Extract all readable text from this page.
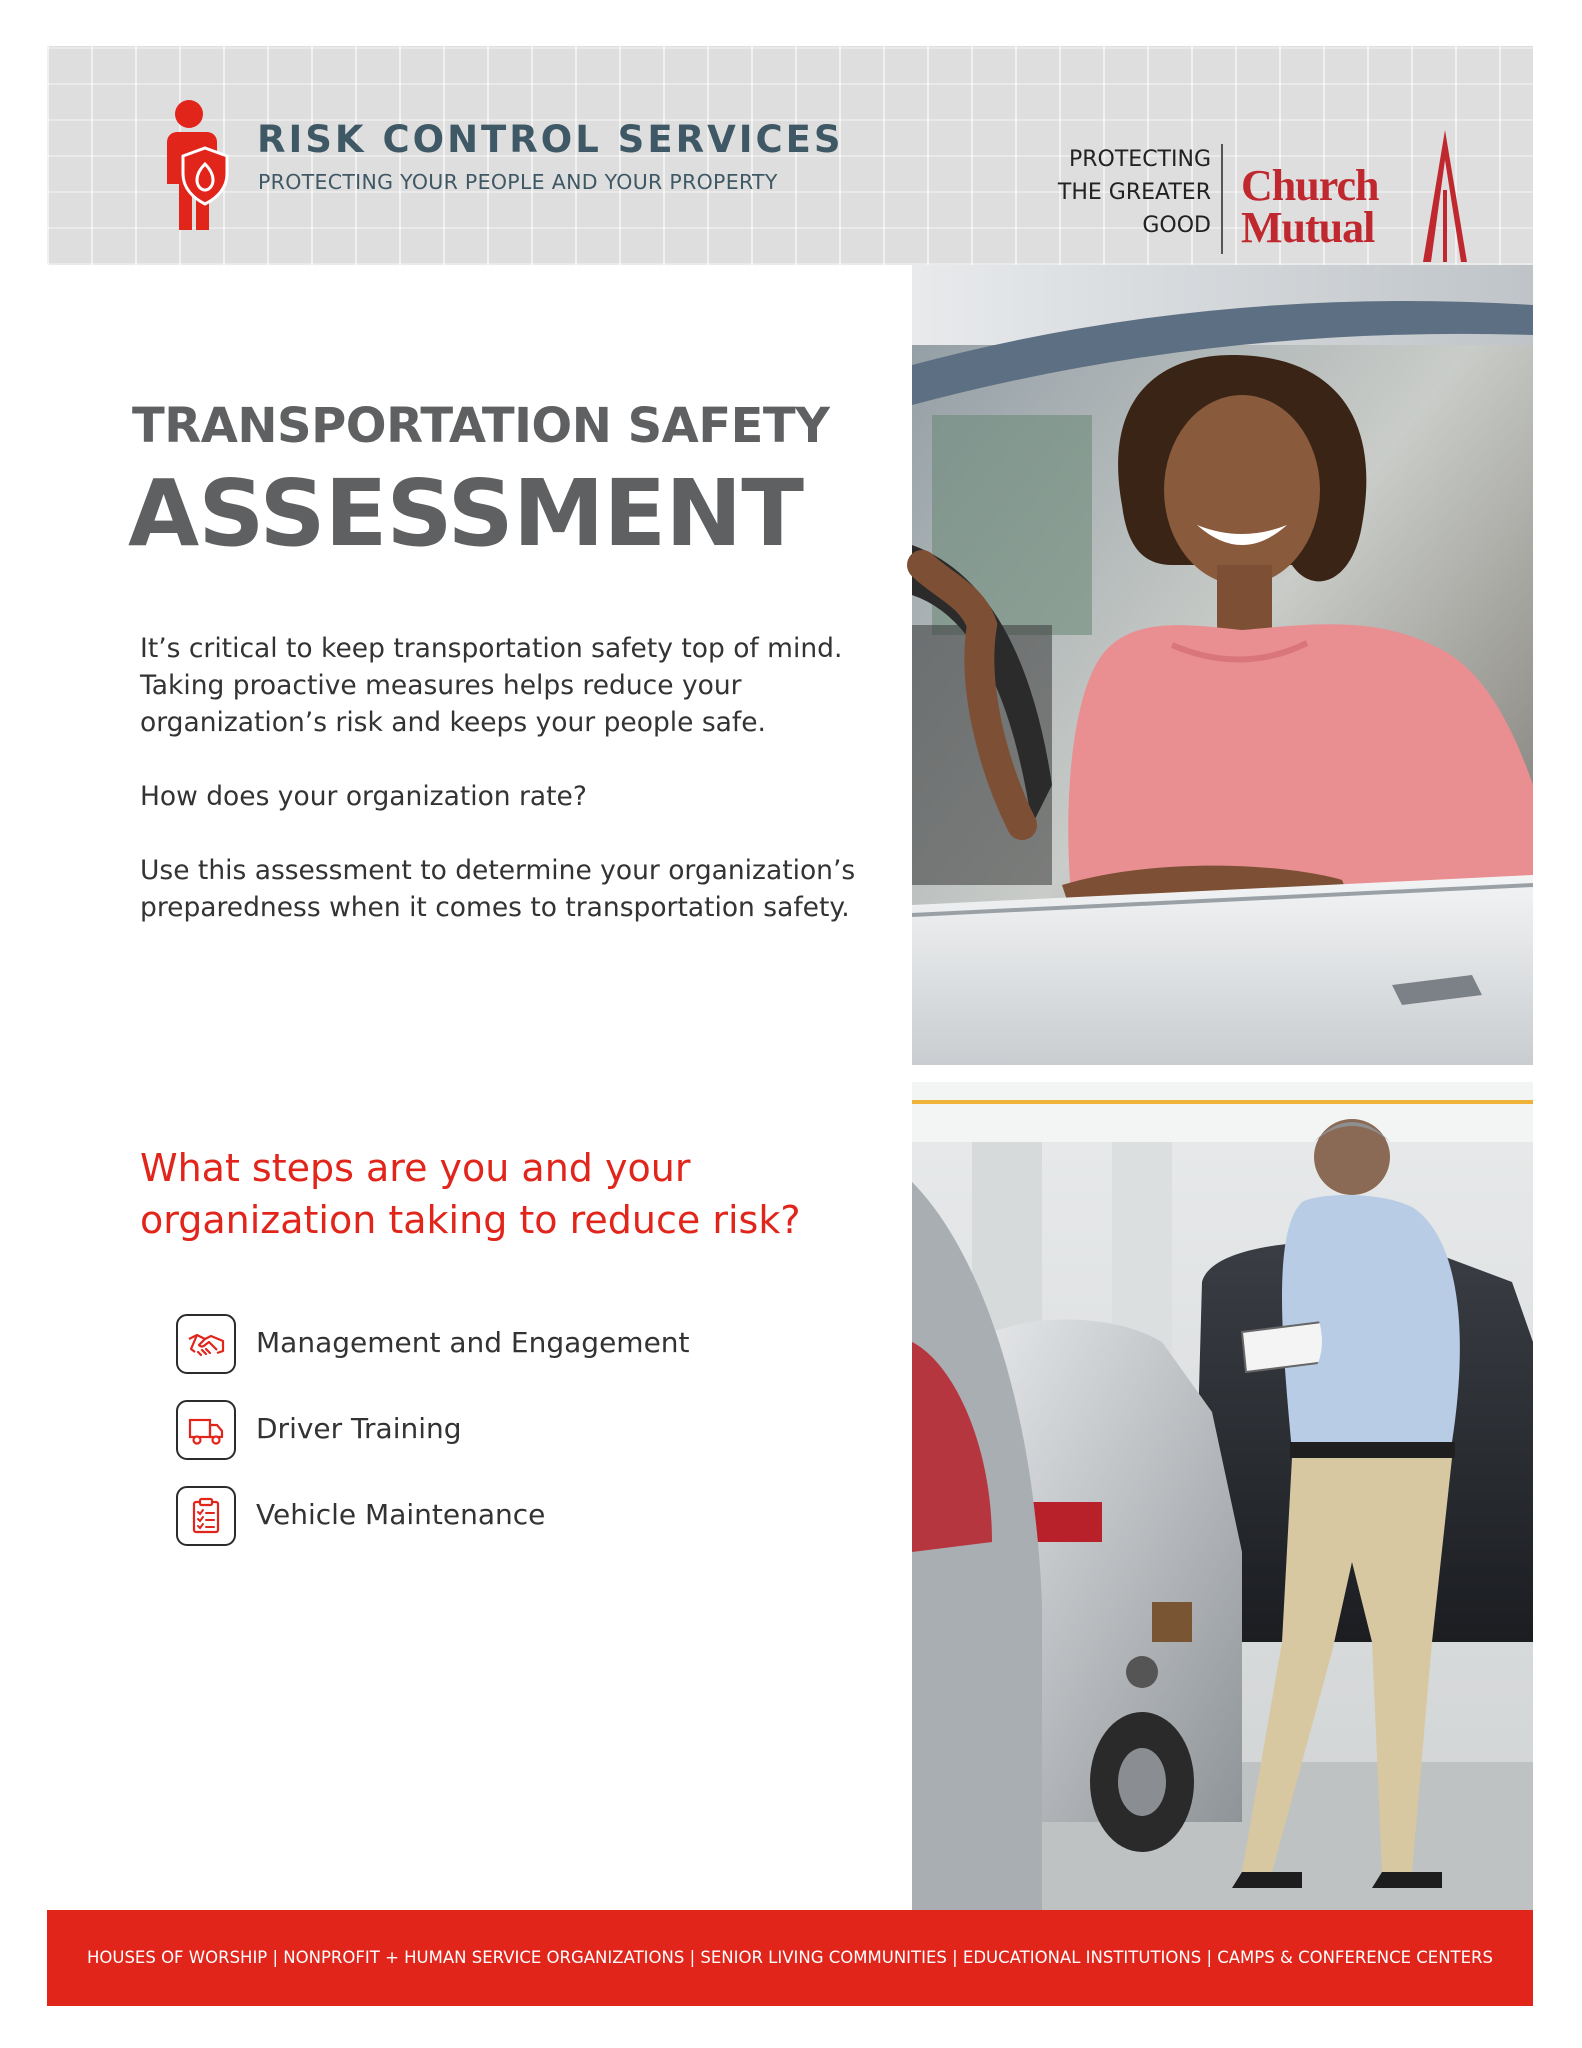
RISK CONTROL SERVICES
PROTECTING YOUR PEOPLE AND YOUR PROPERTY
PROTECTING
THE GREATER
GOOD
Church
Mutual
TRANSPORTATION SAFETY
ASSESSMENT

It’s critical to keep transportation safety top of mind. Taking proactive measures helps reduce your organization’s risk and keeps your people safe.

How does your organization rate?

Use this assessment to determine your organization’s preparedness when it comes to transportation safety.

What steps are you and your organization taking to reduce risk?
Management and Engagement
Driver Training
Vehicle Maintenance
HOUSES OF WORSHIP | NONPROFIT + HUMAN SERVICE ORGANIZATIONS | SENIOR LIVING COMMUNITIES | EDUCATIONAL INSTITUTIONS | CAMPS & CONFERENCE CENTERS
